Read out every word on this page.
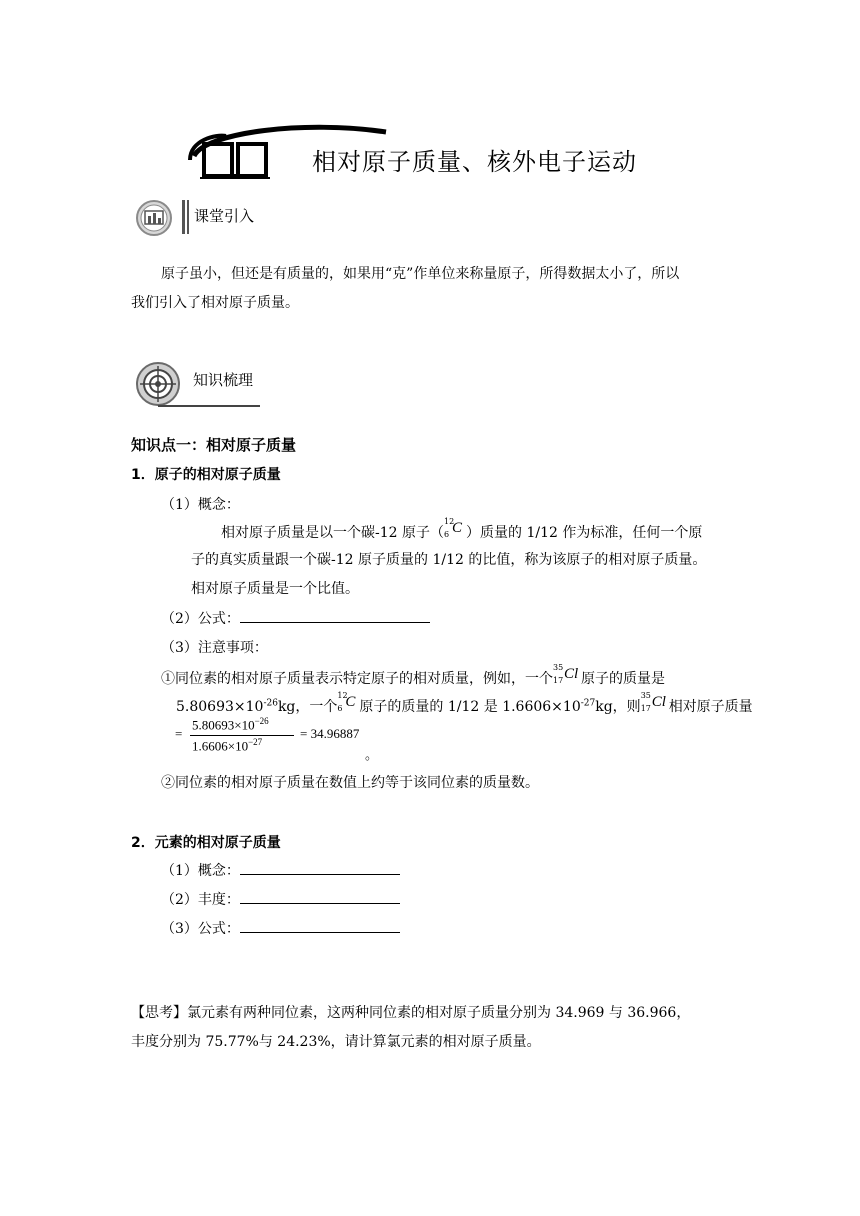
相对原子质量、核外电子运动
课堂引入
原子虽小，但还是有质量的，如果用“克”作单位来称量原子，所得数据太小了，所以
我们引入了相对原子质量。
知识梳理
知识点一：相对原子质量
1．原子的相对原子质量
（1）概念：
相对原子质量是以一个碳-12 原子（
12
6 C ）质量的 1/12 作为标准，任何一个原
子的真实质量跟一个碳-12 原子质量的 1/12 的比值，称为该原子的相对原子质量。
相对原子质量是一个比值。
（2）公式：
（3）注意事项：
①同位素的相对原子质量表示特定原子的相对质量，例如，一个
35
17 Cl 原子的质量是
$5.80693\times 10^{-26}kg$，一个
12
6 C 原子的质量的 1/12 是 $1.6606\times 10^{-27}kg$，则
35
17 Cl 相对原子质量
=
$5.80693\times 10^{-26}$
$1.6606\times 10^{-27}$
= 34.96887
。
②同位素的相对原子质量在数值上约等于该同位素的质量数。
2．元素的相对原子质量
（1）概念：
（2）丰度：
（3）公式：
【思考】氯元素有两种同位素，这两种同位素的相对原子质量分别为 34.969 与 36.966，
丰度分别为 75.77%与 24.23%，请计算氯元素的相对原子质量。
